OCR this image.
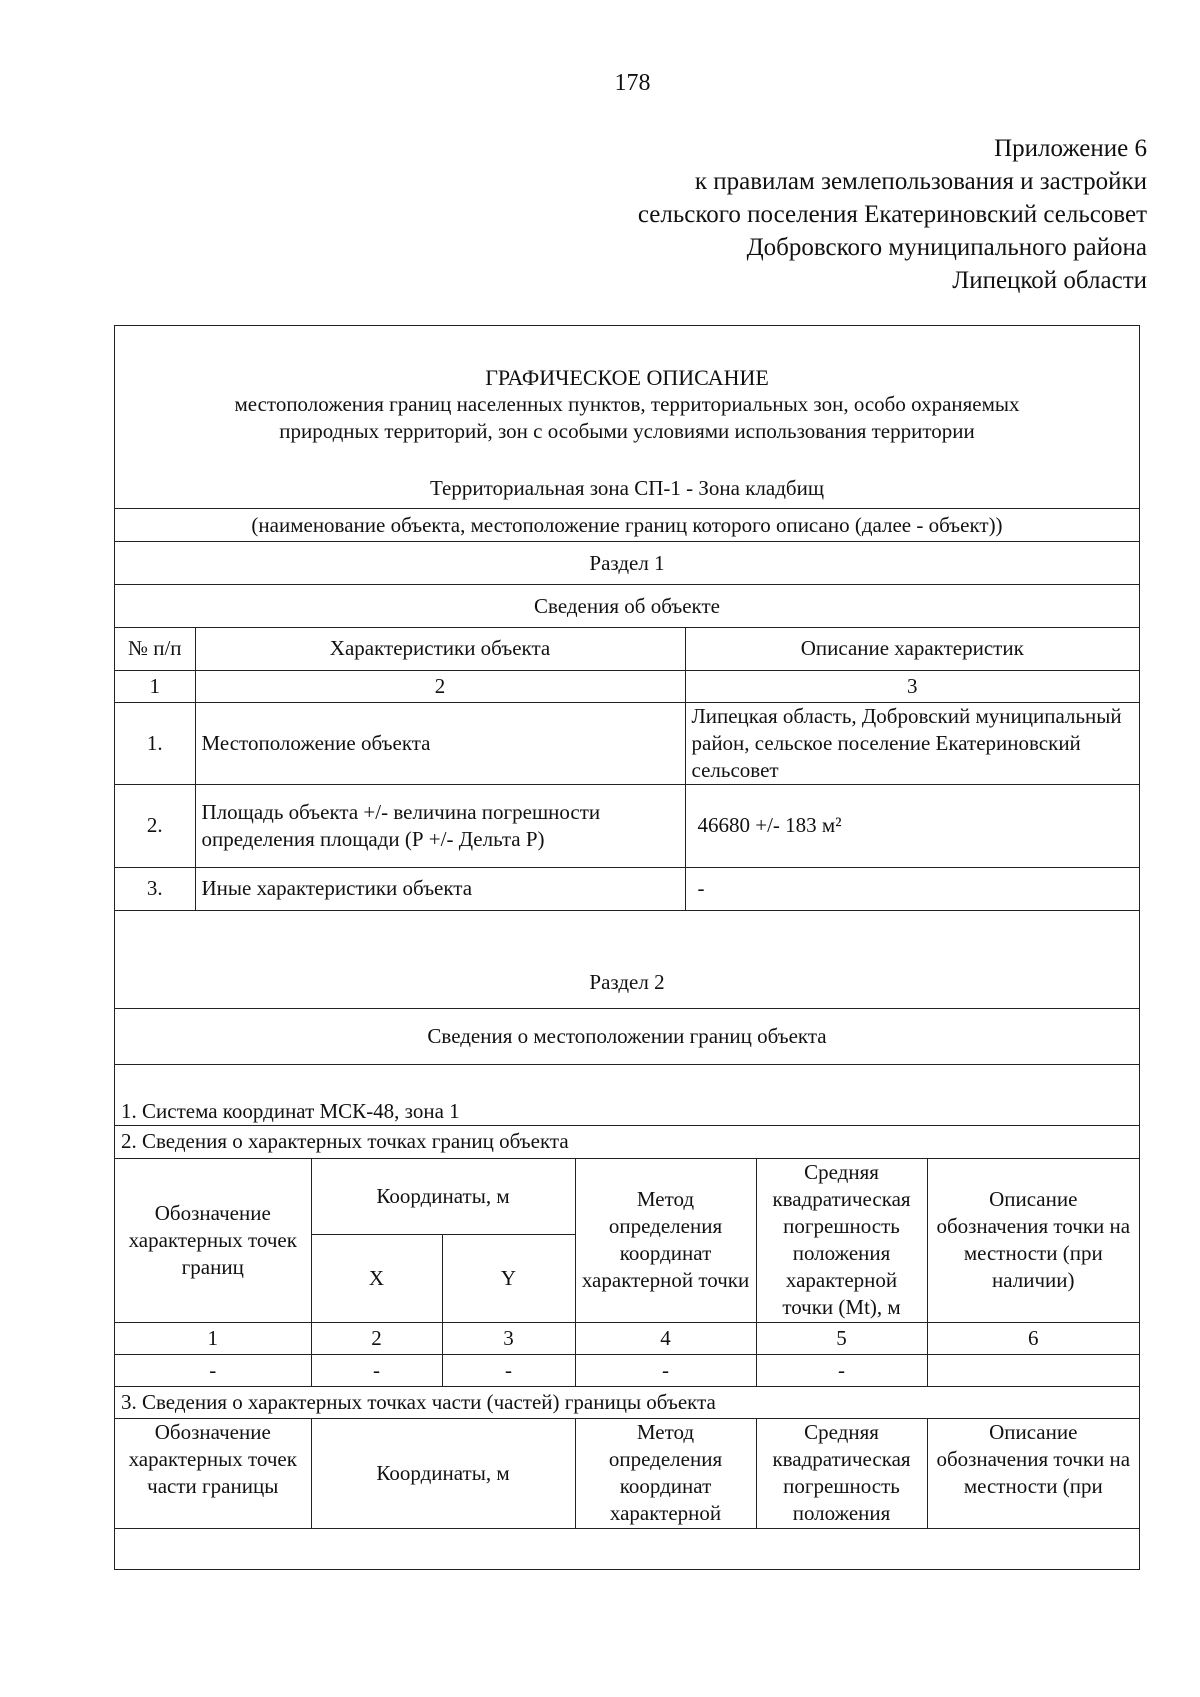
178
Приложение 6
к правилам землепользования и застройки
сельского поселения Екатериновский сельсовет
Добровского муниципального района
Липецкой области
ГРАФИЧЕСКОЕ ОПИСАНИЕ
местоположения границ населенных пунктов, территориальных зон, особо охраняемых
природных территорий, зон с особыми условиями использования территории
Территориальная зона СП-1 - Зона кладбищ

(наименование объекта, местоположение границ которого описано (далее - объект))
Раздел 1
Сведения об объекте
№ п/п	Характеристики объекта	Описание характеристик
1	2	3
1.	Местоположение объекта	Липецкая область, Добровский муниципальный район, сельское поселение Екатериновский сельсовет
2.	Площадь объекта +/- величина погрешности определения площади (Р +/- Дельта Р)	46680 +/- 183 м²
3.	Иные характеристики объекта	-
Раздел 2
Сведения о местоположении границ объекта
1. Система координат МСК-48, зона 1
2. Сведения о характерных точках границ объекта
Обозначение характерных точек границ	Координаты, м		Метод определения координат характерной точки	Средняя квадратическая погрешность положения характерной точки (Mt), м	Описание обозначения точки на местности (при наличии)
	X	Y			
1	2	3	4	5	6
-	-	-	-	-	
3. Сведения о характерных точках части (частей) границы объекта					
Обозначение характерных точек части границы	Координаты, м		Метод определения координат характерной	Средняя квадратическая погрешность положения	Описание обозначения точки на местности (при
